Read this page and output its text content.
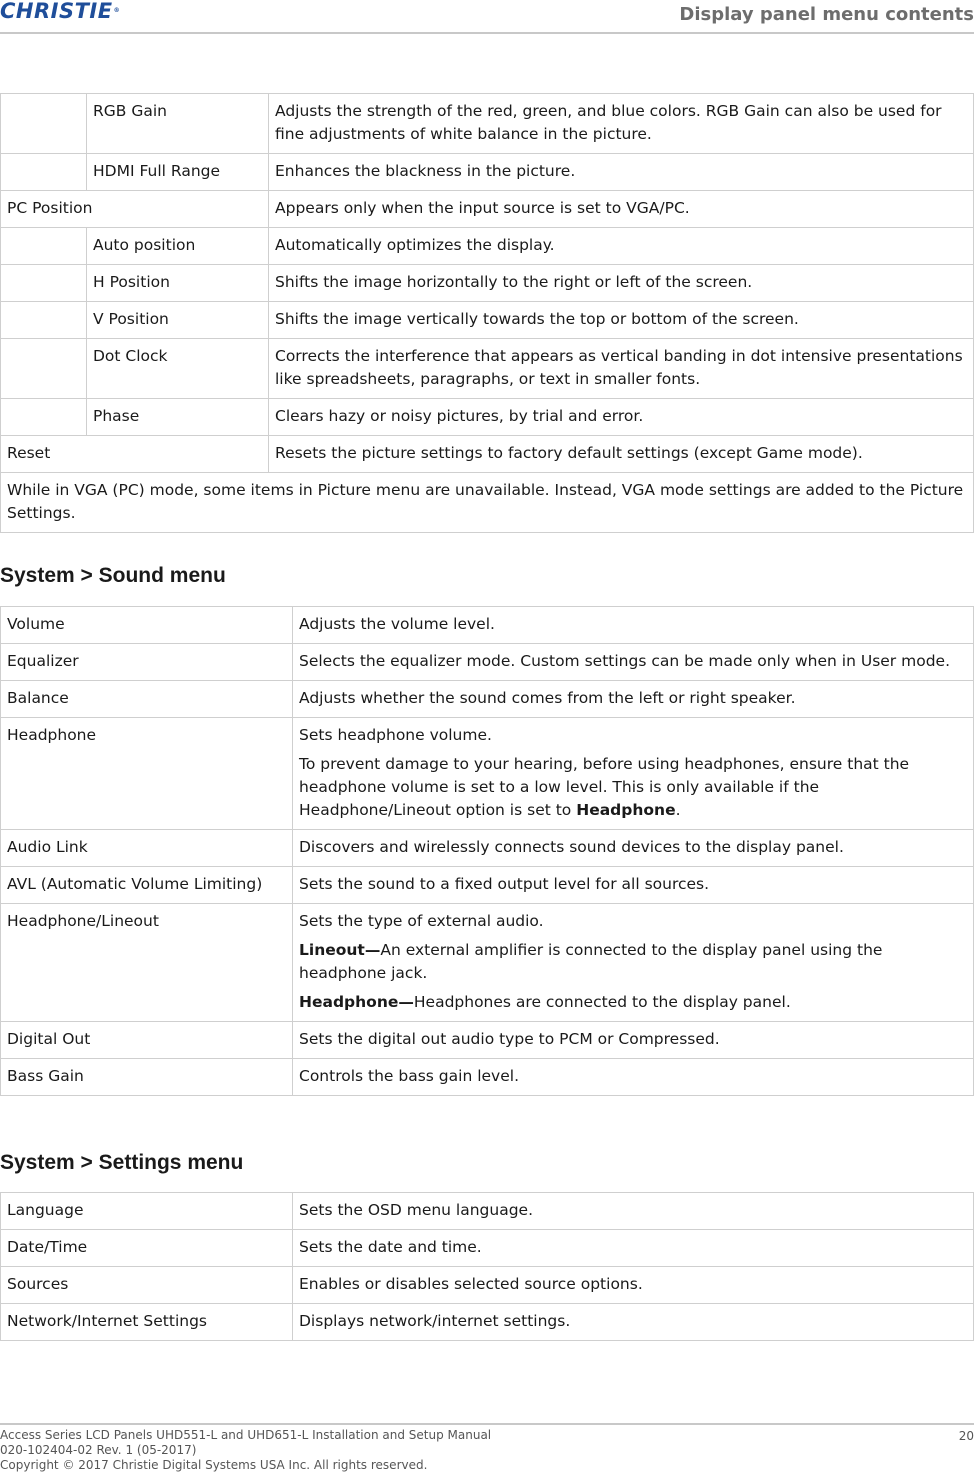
CHRISTIE®	Display panel menu contents
	RGB Gain	Adjusts the strength of the red, green, and blue colors. RGB Gain can also be used for fine adjustments of white balance in the picture.
	HDMI Full Range	Enhances the blackness in the picture.
PC Position		Appears only when the input source is set to VGA/PC.
	Auto position	Automatically optimizes the display.
	H Position	Shifts the image horizontally to the right or left of the screen.
	V Position	Shifts the image vertically towards the top or bottom of the screen.
	Dot Clock	Corrects the interference that appears as vertical banding in dot intensive presentations like spreadsheets, paragraphs, or text in smaller fonts.
	Phase	Clears hazy or noisy pictures, by trial and error.
Reset		Resets the picture settings to factory default settings (except Game mode).
While in VGA (PC) mode, some items in Picture menu are unavailable. Instead, VGA mode settings are added to the Picture Settings.		
System > Sound menu
Volume	Adjusts the volume level.
Equalizer	Selects the equalizer mode. Custom settings can be made only when in User mode.
Balance	Adjusts whether the sound comes from the left or right speaker.
Headphone	Sets headphone volume.

To prevent damage to your hearing, before using headphones, ensure that the headphone volume is set to a low level. This is only available if the Headphone/Lineout option is set to Headphone.

Audio Link	Discovers and wirelessly connects sound devices to the display panel.
AVL (Automatic Volume Limiting)	Sets the sound to a fixed output level for all sources.
Headphone/Lineout	Sets the type of external audio.

Lineout—An external amplifier is connected to the display panel using the headphone jack.

Headphone—Headphones are connected to the display panel.

Digital Out	Sets the digital out audio type to PCM or Compressed.
Bass Gain	Controls the bass gain level.
System > Settings menu
Language	Sets the OSD menu language.
Date/Time	Sets the date and time.
Sources	Enables or disables selected source options.
Network/Internet Settings	Displays network/internet settings.
Access Series LCD Panels UHD551-L and UHD651-L Installation and Setup Manual	20
020-102404-02 Rev. 1 (05-2017)
Copyright © 2017 Christie Digital Systems USA Inc. All rights reserved.
